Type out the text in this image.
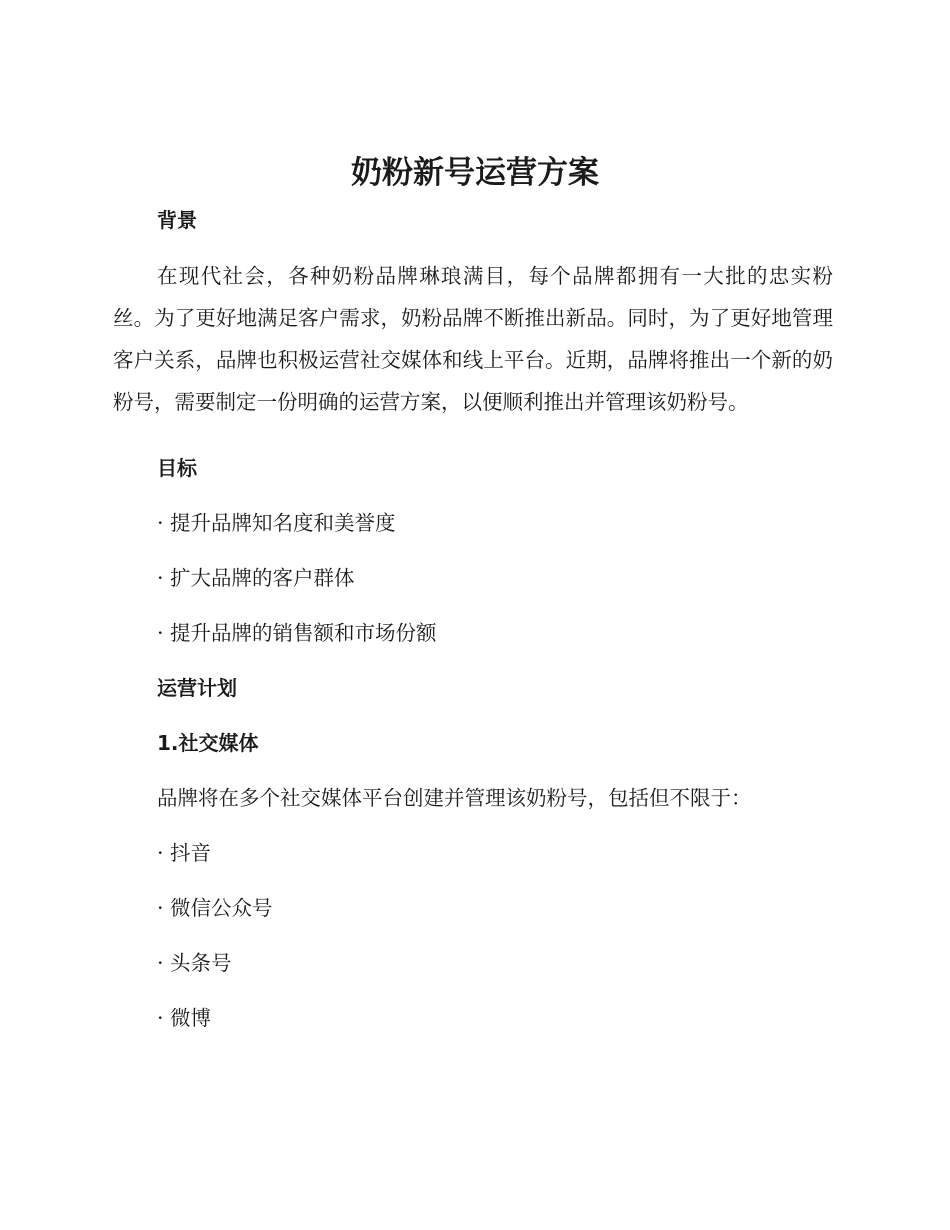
奶粉新号运营方案

背景

在现代社会，各种奶粉品牌琳琅满目，每个品牌都拥有一大批的忠实粉丝。为了更好地满足客户需求，奶粉品牌不断推出新品。同时，为了更好地管理客户关系，品牌也积极运营社交媒体和线上平台。近期，品牌将推出一个新的奶粉号，需要制定一份明确的运营方案，以便顺利推出并管理该奶粉号。

目标

· 提升品牌知名度和美誉度

· 扩大品牌的客户群体

· 提升品牌的销售额和市场份额

运营计划

1.社交媒体

品牌将在多个社交媒体平台创建并管理该奶粉号，包括但不限于：

· 抖音

· 微信公众号

· 头条号

· 微博
